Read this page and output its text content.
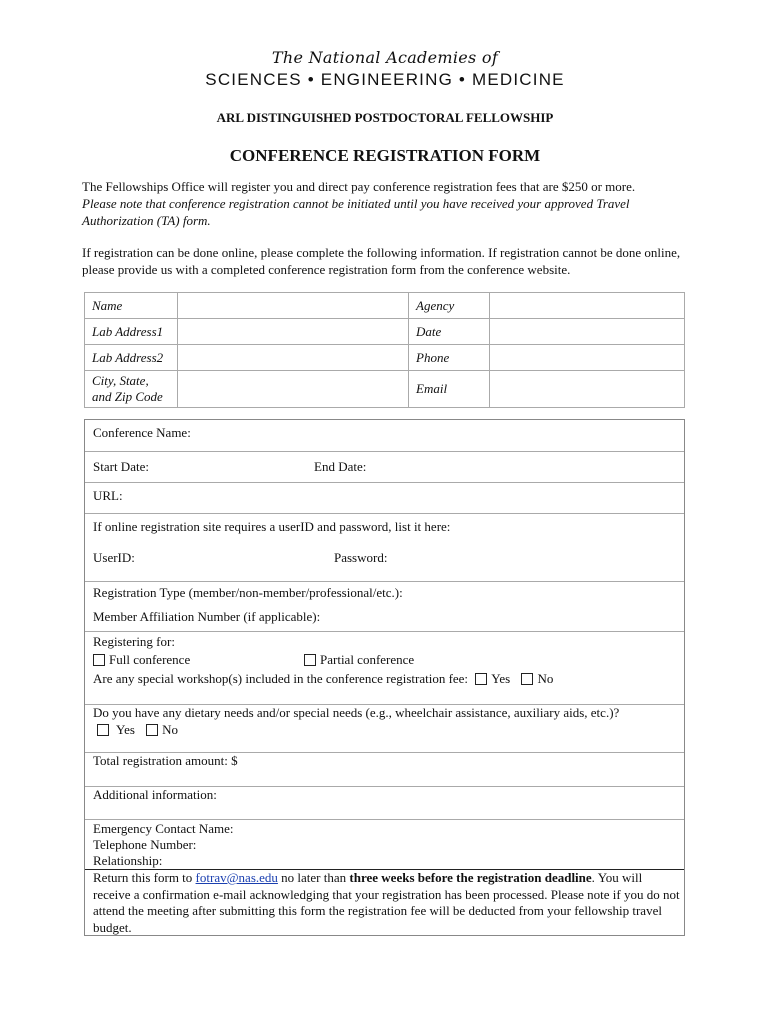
The National Academies of
SCIENCES • ENGINEERING • MEDICINE
ARL DISTINGUISHED POSTDOCTORAL FELLOWSHIP
CONFERENCE REGISTRATION FORM
The Fellowships Office will register you and direct pay conference registration fees that are $250 or more.
Please note that conference registration cannot be initiated until you have received your approved Travel Authorization (TA) form.
If registration can be done online, please complete the following information. If registration cannot be done online, please provide us with a completed conference registration form from the conference website.
Name		Agency	
Lab Address1		Date	
Lab Address2		Phone	
City, State, and Zip Code		Email	
Conference Name:
Start Date:	End Date:
URL:
If online registration site requires a userID and password, list it here:
UserID:	Password:
Registration Type (member/non-member/professional/etc.):
Member Affiliation Number (if applicable):
Registering for:
Full conference	Partial conference
Are any special workshop(s) included in the conference registration fee: Yes No
Do you have any dietary needs and/or special needs (e.g., wheelchair assistance, auxiliary aids, etc.)?
Yes No
Total registration amount: $
Additional information:
Emergency Contact Name:
Telephone Number:
Relationship:
Return this form to fotrav@nas.edu no later than three weeks before the registration deadline. You will receive a confirmation e-mail acknowledging that your registration has been processed. Please note if you do not attend the meeting after submitting this form the registration fee will be deducted from your fellowship travel budget.
